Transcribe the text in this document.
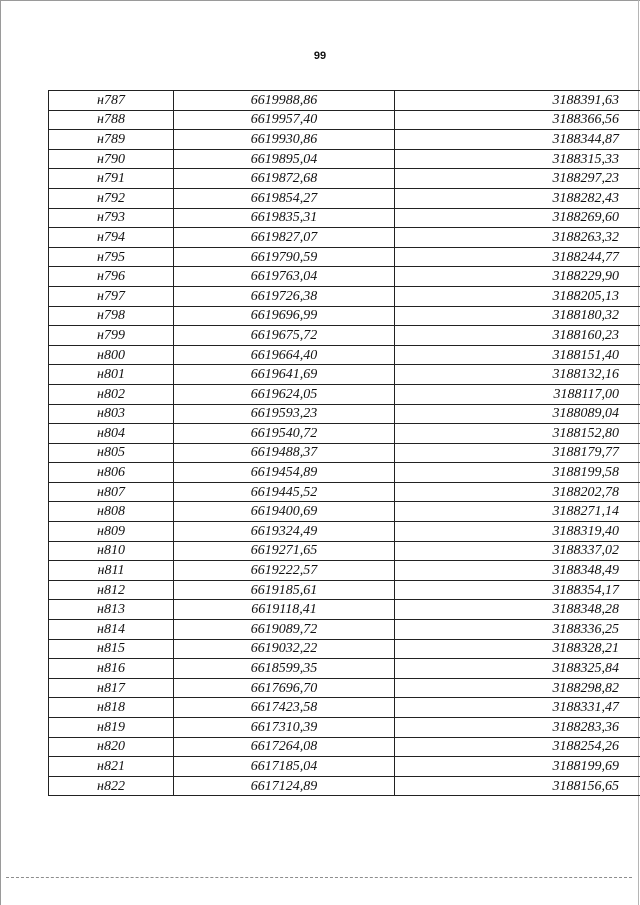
99
н787	6619988,86	3188391,63
н788	6619957,40	3188366,56
н789	6619930,86	3188344,87
н790	6619895,04	3188315,33
н791	6619872,68	3188297,23
н792	6619854,27	3188282,43
н793	6619835,31	3188269,60
н794	6619827,07	3188263,32
н795	6619790,59	3188244,77
н796	6619763,04	3188229,90
н797	6619726,38	3188205,13
н798	6619696,99	3188180,32
н799	6619675,72	3188160,23
н800	6619664,40	3188151,40
н801	6619641,69	3188132,16
н802	6619624,05	3188117,00
н803	6619593,23	3188089,04
н804	6619540,72	3188152,80
н805	6619488,37	3188179,77
н806	6619454,89	3188199,58
н807	6619445,52	3188202,78
н808	6619400,69	3188271,14
н809	6619324,49	3188319,40
н810	6619271,65	3188337,02
н811	6619222,57	3188348,49
н812	6619185,61	3188354,17
н813	6619118,41	3188348,28
н814	6619089,72	3188336,25
н815	6619032,22	3188328,21
н816	6618599,35	3188325,84
н817	6617696,70	3188298,82
н818	6617423,58	3188331,47
н819	6617310,39	3188283,36
н820	6617264,08	3188254,26
н821	6617185,04	3188199,69
н822	6617124,89	3188156,65
